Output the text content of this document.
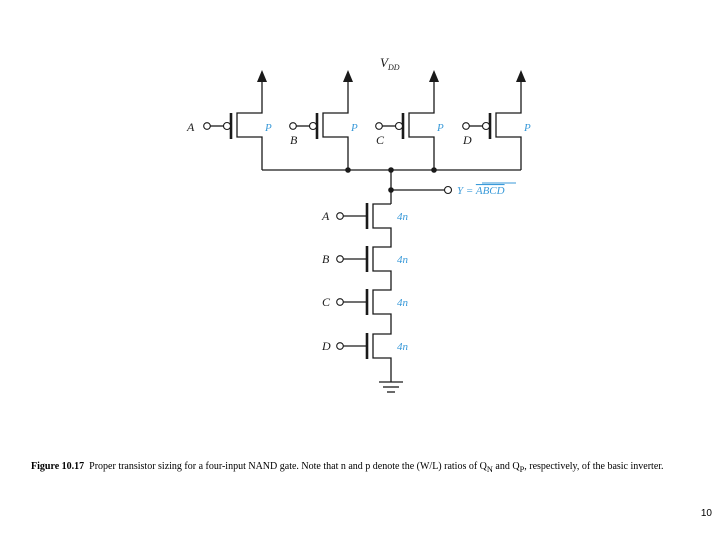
$V_{DD}$
P
A	P
B
P
C
P
D
Y = ABCD
A	4n
B	4n
C	4n
D	4n
Figure 10.17 Proper transistor sizing for a four-input NAND gate. Note that n and p denote the (W/L) ratios of $Q_N$ and $Q_P$, respectively, of the basic inverter.
10
